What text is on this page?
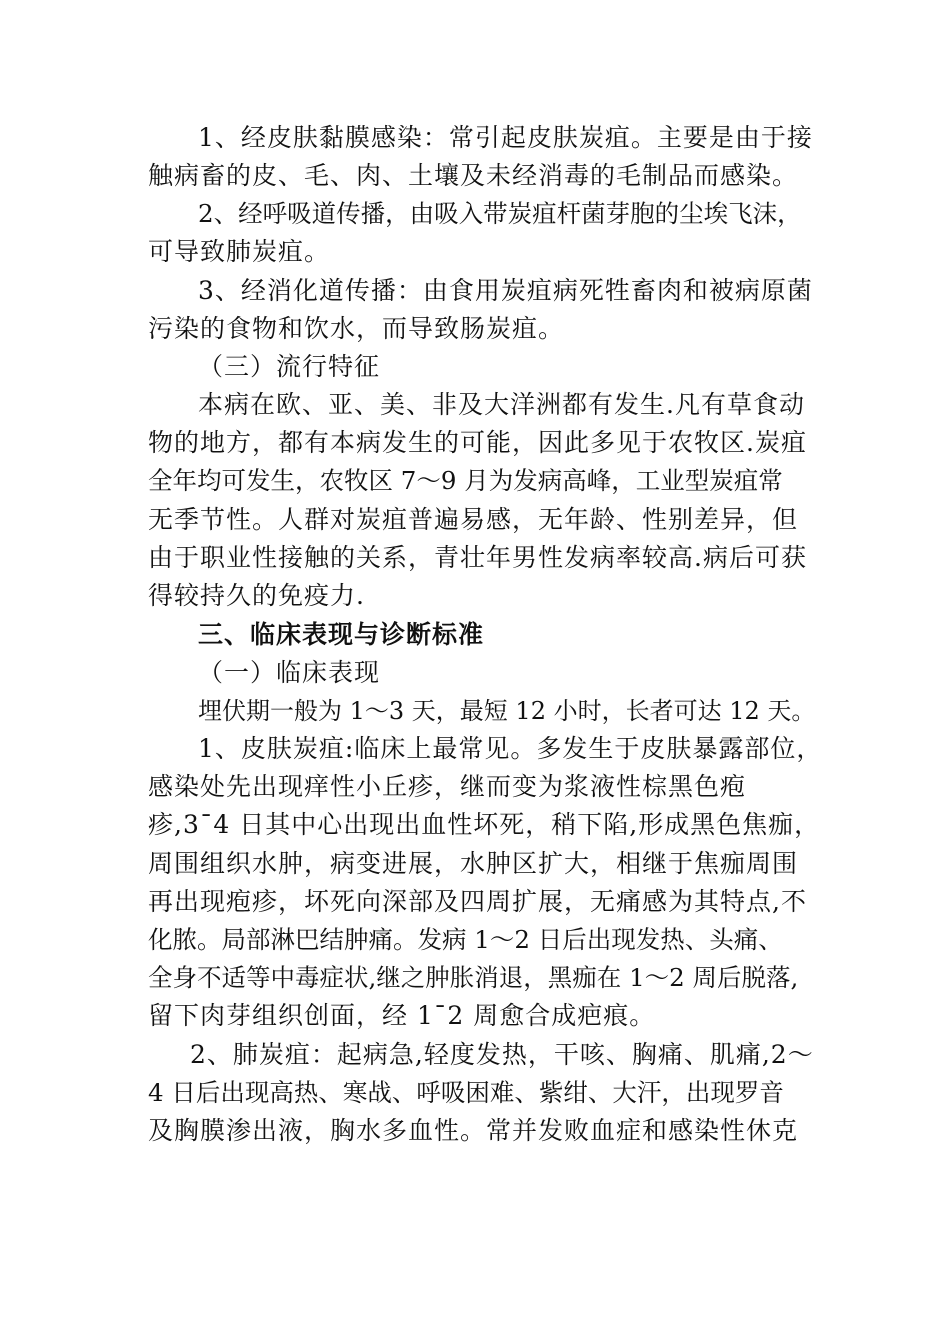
1、经皮肤黏膜感染：常引起皮肤炭疽。主要是由于接
触病畜的皮、毛、肉、土壤及未经消毒的毛制品而感染。
2、经呼吸道传播，由吸入带炭疽杆菌芽胞的尘埃飞沫，
可导致肺炭疽。
3、经消化道传播：由食用炭疽病死牲畜肉和被病原菌
污染的食物和饮水，而导致肠炭疽。
（三）流行特征
本病在欧、亚、美、非及大洋洲都有发生.凡有草食动
物的地方，都有本病发生的可能，因此多见于农牧区.炭疽
全年均可发生，农牧区 7～9 月为发病高峰，工业型炭疽常
无季节性。人群对炭疽普遍易感，无年龄、性别差异，但
由于职业性接触的关系，青壮年男性发病率较高.病后可获
得较持久的免疫力.
三、临床表现与诊断标准
（一）临床表现
埋伏期一般为 1～3 天，最短 12 小时，长者可达 12 天。
1、皮肤炭疽:临床上最常见。多发生于皮肤暴露部位，
感染处先出现痒性小丘疹，继而变为浆液性棕黑色疱
疹,3¯4 日其中心出现出血性坏死，稍下陷,形成黑色焦痂，
周围组织水肿，病变进展，水肿区扩大，相继于焦痂周围
再出现疱疹，坏死向深部及四周扩展，无痛感为其特点,不
化脓。局部淋巴结肿痛。发病 1～2 日后出现发热、头痛、
全身不适等中毒症状,继之肿胀消退，黑痂在 1～2 周后脱落,
留下肉芽组织创面，经 1¯2 周愈合成疤痕。
2、肺炭疽：起病急,轻度发热，干咳、胸痛、肌痛,2～
4 日后出现高热、寒战、呼吸困难、紫绀、大汗，出现罗音
及胸膜渗出液，胸水多血性。常并发败血症和感染性休克
